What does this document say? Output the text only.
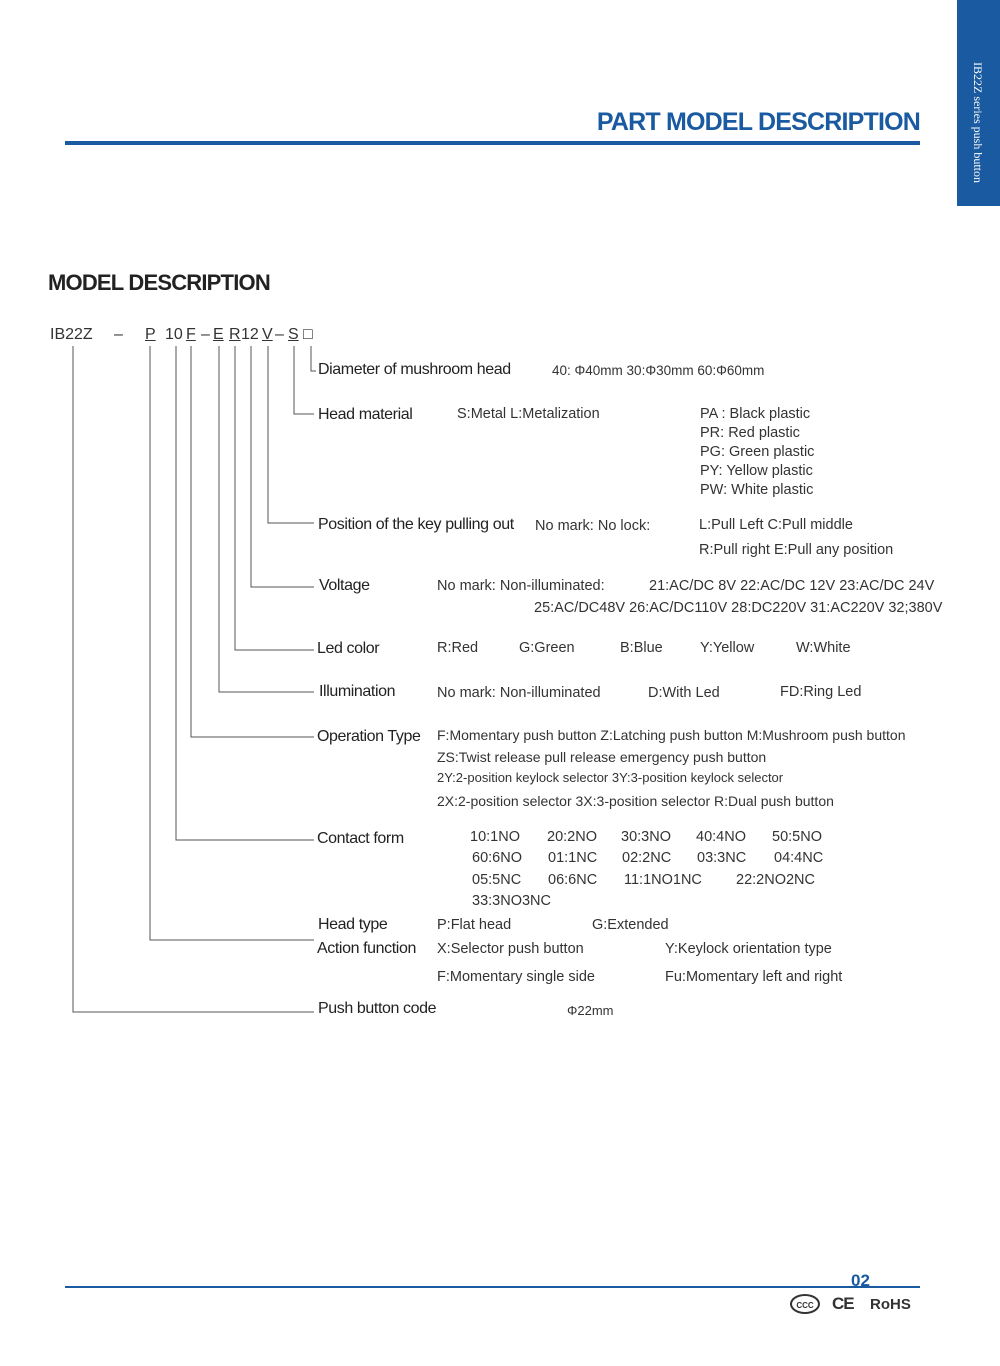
IB22Z series push button
PART MODEL DESCRIPTION
MODEL DESCRIPTION
IB22Z – P 10 F – E R 12 V – S □
Diameter of mushroom head	40: Φ40mm 30:Φ30mm 60:Φ60mm
Head material	S:Metal L:Metalization	PA : Black plastic
PR: Red plastic
PG: Green plastic
PY: Yellow plastic
PW: White plastic
Position of the key pulling out No mark: No lock:	L:Pull Left C:Pull middle
R:Pull right E:Pull any position
Voltage	No mark: Non-illuminated:	21:AC/DC 8V 22:AC/DC 12V 23:AC/DC 24V
25:AC/DC48V 26:AC/DC110V 28:DC220V 31:AC220V 32;380V
Led color	R:Red	G:Green	B:Blue	Y:Yellow	W:White
Illumination	No mark: Non-illuminated	D:With Led	FD:Ring Led
Operation Type F:Momentary push button Z:Latching push button M:Mushroom push button
ZS:Twist release pull release emergency push button
2Y:2-position keylock selector 3Y:3-position keylock selector
2X:2-position selector 3X:3-position selector R:Dual push button
Contact form	10:1NO 20:2NO 30:3NO 40:4NO 50:5NO
60:6NO 01:1NC 02:2NC 03:3NC 04:4NC
05:5NC 06:6NC 11:1NO1NC 22:2NO2NC
33:3NO3NC
Head type	P:Flat head	G:Extended
Action function X:Selector push button	Y:Keylock orientation type
F:Momentary single side	Fu:Momentary left and right
Push button code	Φ22mm
02
CCC	CE RoHS
